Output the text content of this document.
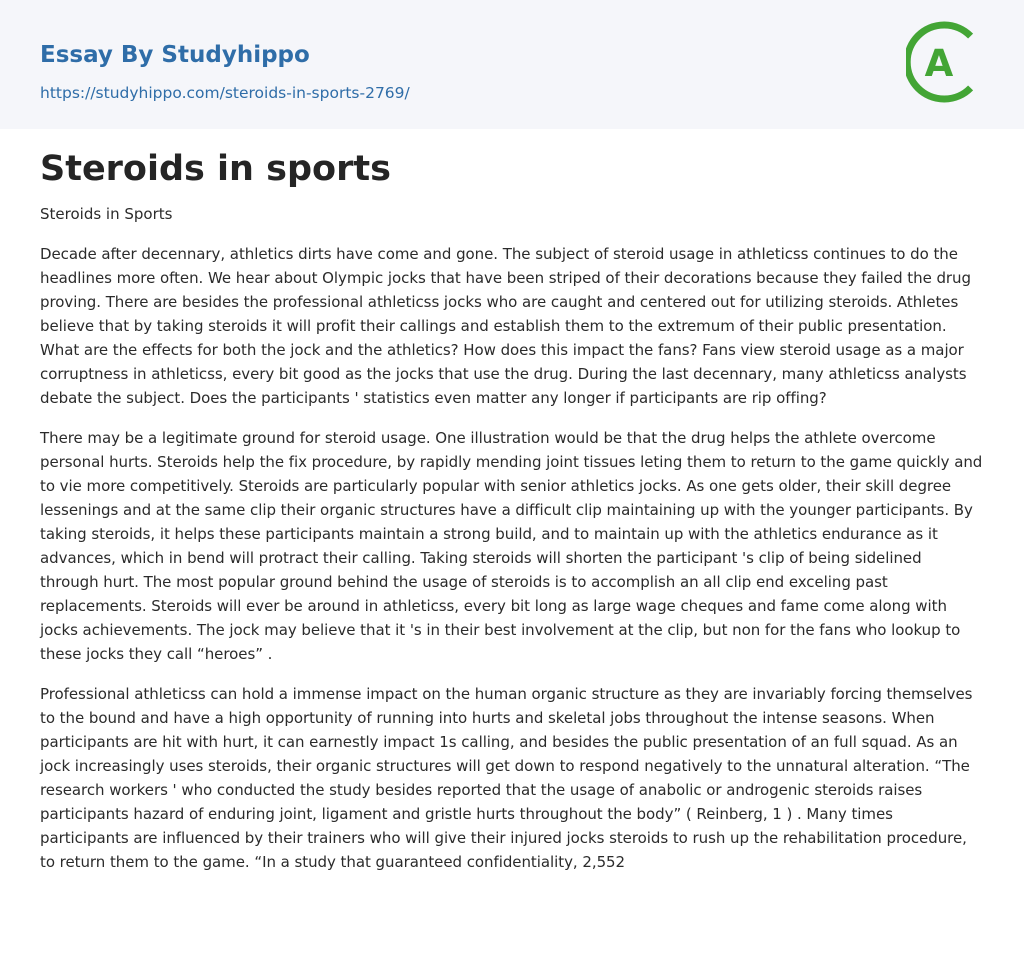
Essay By Studyhippo
https://studyhippo.com/steroids-in-sports-2769/
A
Steroids in sports

Steroids in Sports

Decade after decennary, athletics dirts have come and gone. The subject of steroid usage in athleticss continues to do the headlines more often. We hear about Olympic jocks that have been striped of their decorations because they failed the drug proving. There are besides the professional athleticss jocks who are caught and centered out for utilizing steroids. Athletes believe that by taking steroids it will profit their callings and establish them to the extremum of their public presentation. What are the effects for both the jock and the athletics? How does this impact the fans? Fans view steroid usage as a major corruptness in athleticss, every bit good as the jocks that use the drug. During the last decennary, many athleticss analysts debate the subject. Does the participants ' statistics even matter any longer if participants are rip offing?

There may be a legitimate ground for steroid usage. One illustration would be that the drug helps the athlete overcome personal hurts. Steroids help the fix procedure, by rapidly mending joint tissues leting them to return to the game quickly and to vie more competitively. Steroids are particularly popular with senior athletics jocks. As one gets older, their skill degree lessenings and at the same clip their organic structures have a difficult clip maintaining up with the younger participants. By taking steroids, it helps these participants maintain a strong build, and to maintain up with the athletics endurance as it advances, which in bend will protract their calling. Taking steroids will shorten the participant 's clip of being sidelined through hurt. The most popular ground behind the usage of steroids is to accomplish an all clip end exceling past replacements. Steroids will ever be around in athleticss, every bit long as large wage cheques and fame come along with jocks achievements. The jock may believe that it 's in their best involvement at the clip, but non for the fans who lookup to these jocks they call “heroes” .

Professional athleticss can hold a immense impact on the human organic structure as they are invariably forcing themselves to the bound and have a high opportunity of running into hurts and skeletal jobs throughout the intense seasons. When participants are hit with hurt, it can earnestly impact 1s calling, and besides the public presentation of an full squad. As an jock increasingly uses steroids, their organic structures will get down to respond negatively to the unnatural alteration. “The research workers ' who conducted the study besides reported that the usage of anabolic or androgenic steroids raises participants hazard of enduring joint, ligament and gristle hurts throughout the body” ( Reinberg, 1 ) . Many times participants are influenced by their trainers who will give their injured jocks steroids to rush up the rehabilitation procedure, to return them to the game. “In a study that guaranteed confidentiality, 2,552
